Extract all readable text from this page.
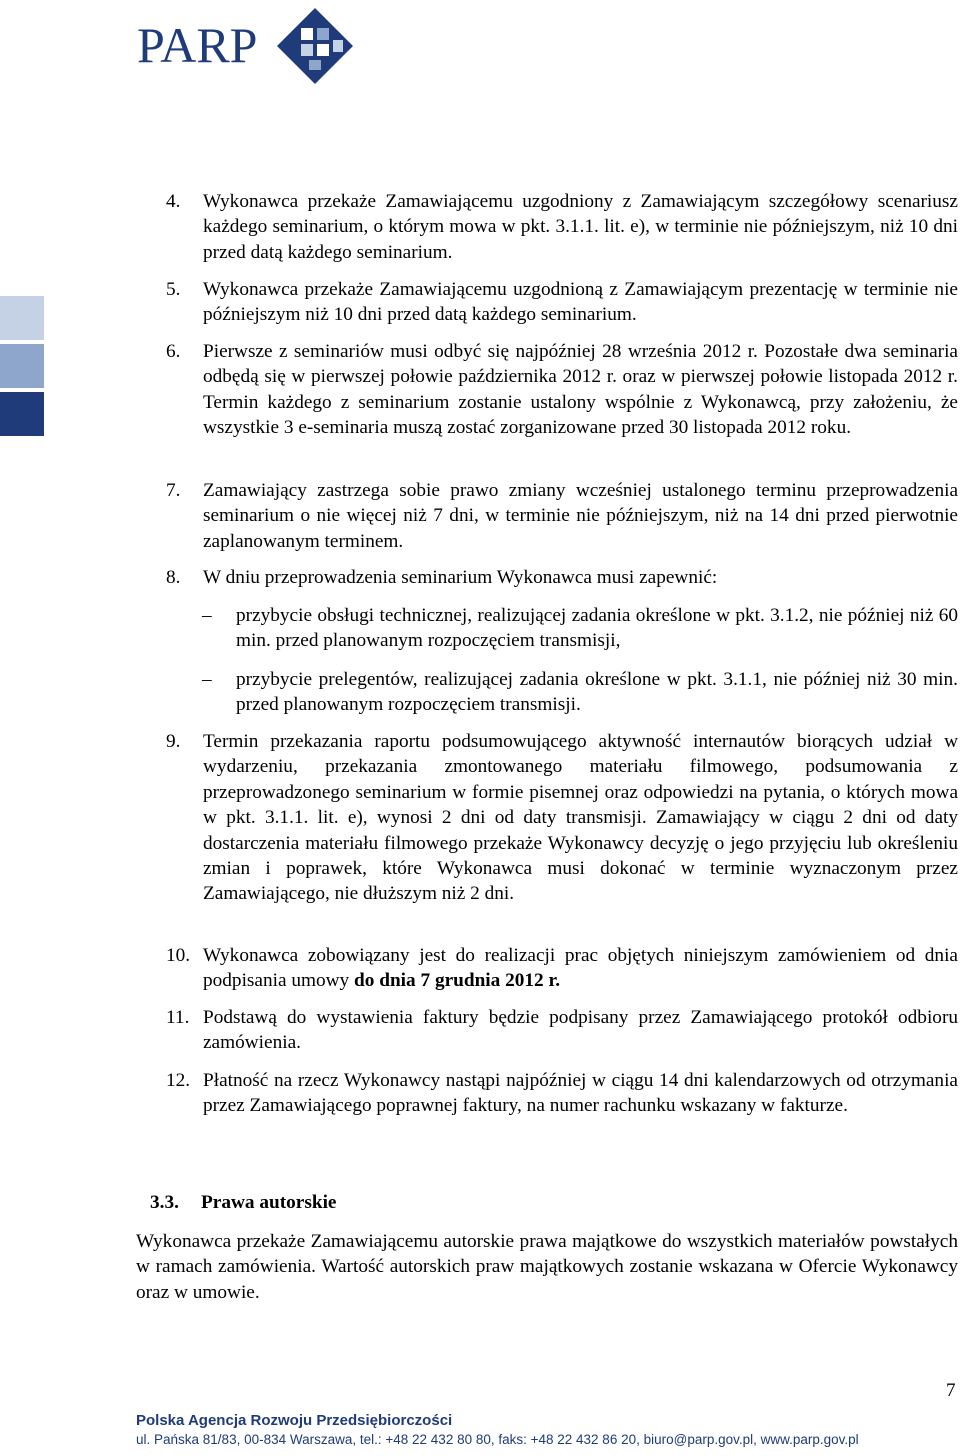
PARP
4.	Wykonawca przekaże Zamawiającemu uzgodniony z Zamawiającym szczegółowy scenariusz każdego seminarium, o którym mowa w pkt. 3.1.1. lit. e), w terminie nie późniejszym, niż 10 dni przed datą każdego seminarium.
5.	Wykonawca przekaże Zamawiającemu uzgodnioną z Zamawiającym prezentację w terminie nie późniejszym niż 10 dni przed datą każdego seminarium.
6.	Pierwsze z seminariów musi odbyć się najpóźniej 28 września 2012 r. Pozostałe dwa seminaria odbędą się w pierwszej połowie października 2012 r. oraz w pierwszej połowie listopada 2012 r. Termin każdego z seminarium zostanie ustalony wspólnie z Wykonawcą, przy założeniu, że wszystkie 3 e-seminaria muszą zostać zorganizowane przed 30 listopada 2012 roku.
7.	Zamawiający zastrzega sobie prawo zmiany wcześniej ustalonego terminu przeprowadzenia seminarium o nie więcej niż 7 dni, w terminie nie późniejszym, niż na 14 dni przed pierwotnie zaplanowanym terminem.
8.	W dniu przeprowadzenia seminarium Wykonawca musi zapewnić:
–	przybycie obsługi technicznej, realizującej zadania określone w pkt. 3.1.2, nie później niż 60 min. przed planowanym rozpoczęciem transmisji,
–	przybycie prelegentów, realizującej zadania określone w pkt. 3.1.1, nie później niż 30 min. przed planowanym rozpoczęciem transmisji.
9.	Termin przekazania raportu podsumowującego aktywność internautów biorących udział w wydarzeniu, przekazania zmontowanego materiału filmowego, podsumowania z przeprowadzonego seminarium w formie pisemnej oraz odpowiedzi na pytania, o których mowa w pkt. 3.1.1. lit. e), wynosi 2 dni od daty transmisji. Zamawiający w ciągu 2 dni od daty dostarczenia materiału filmowego przekaże Wykonawcy decyzję o jego przyjęciu lub określeniu zmian i poprawek, które Wykonawca musi dokonać w terminie wyznaczonym przez Zamawiającego, nie dłuższym niż 2 dni.
10. Wykonawca zobowiązany jest do realizacji prac objętych niniejszym zamówieniem od dnia podpisania umowy do dnia 7 grudnia 2012 r.
11. Podstawą do wystawienia faktury będzie podpisany przez Zamawiającego protokół odbioru zamówienia.
12. Płatność na rzecz Wykonawcy nastąpi najpóźniej w ciągu 14 dni kalendarzowych od otrzymania przez Zamawiającego poprawnej faktury, na numer rachunku wskazany w fakturze.
3.3. Prawa autorskie
Wykonawca przekaże Zamawiającemu autorskie prawa majątkowe do wszystkich materiałów powstałych w ramach zamówienia. Wartość autorskich praw majątkowych zostanie wskazana w Ofercie Wykonawcy oraz w umowie.
7
Polska Agencja Rozwoju Przedsiębiorczości
ul. Pańska 81/83, 00-834 Warszawa, tel.: +48 22 432 80 80, faks: +48 22 432 86 20, biuro@parp.gov.pl, www.parp.gov.pl
